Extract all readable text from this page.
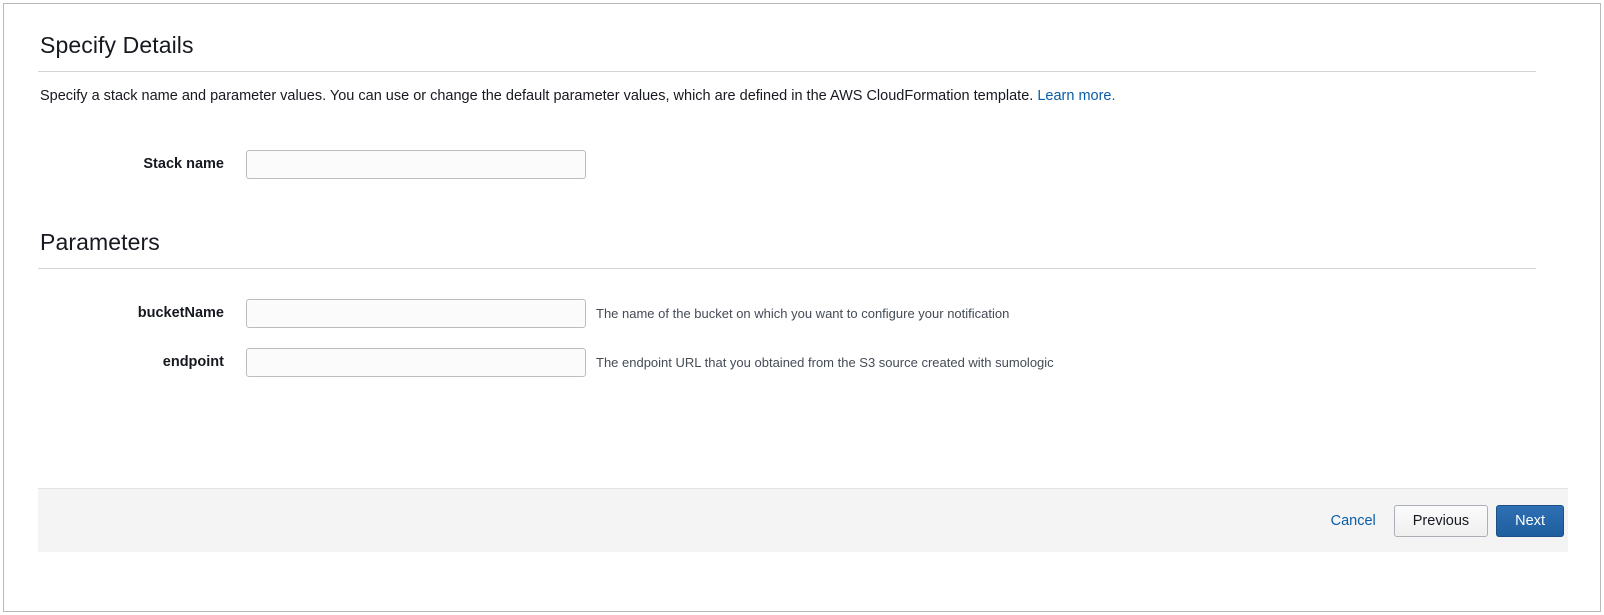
Specify Details
Specify a stack name and parameter values. You can use or change the default parameter values, which are defined in the AWS CloudFormation template. Learn more.
Stack name
Parameters
bucketName	The name of the bucket on which you want to configure your notification
endpoint	The endpoint URL that you obtained from the S3 source created with sumologic
Cancel	Previous	Next
